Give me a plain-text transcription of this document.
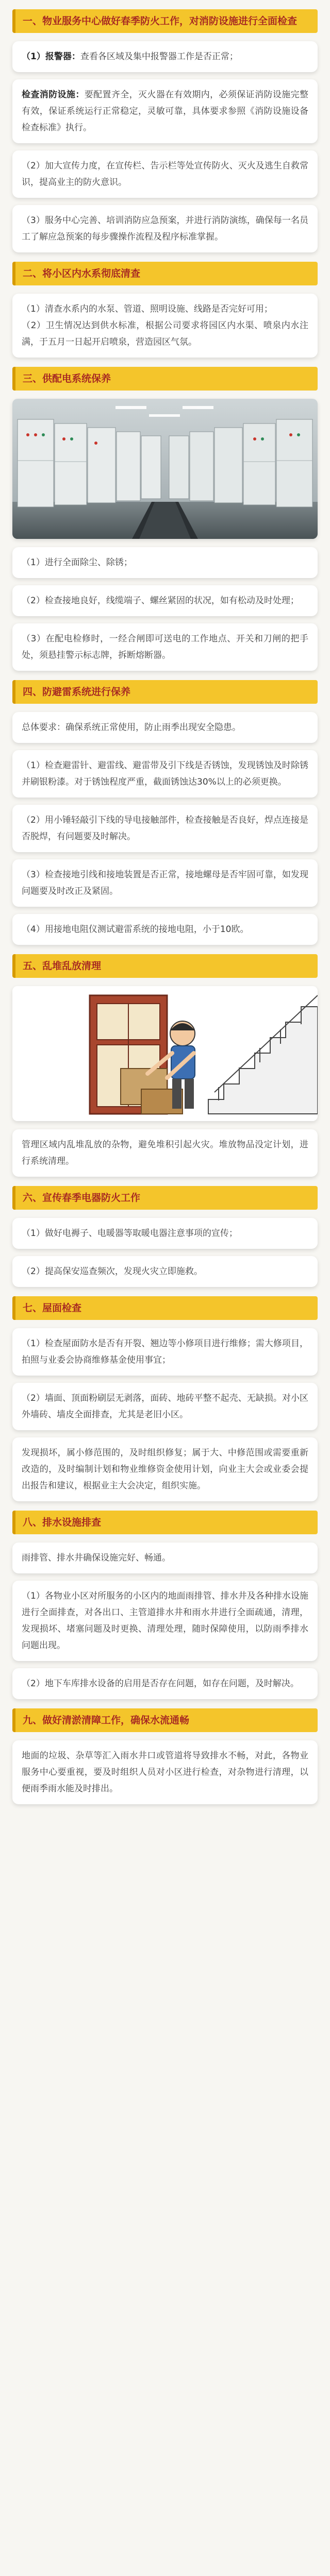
一、物业服务中心做好春季防火工作，对消防设施进行全面检查
（1）报警器：查看各区域及集中报警器工作是否正常；
检查消防设施：要配置齐全，灭火器在有效期内，必须保证消防设施完整有效，保证系统运行正常稳定，灵敏可靠，具体要求参照《消防设施设备检查标准》执行。
（2）加大宣传力度，在宣传栏、告示栏等处宣传防火、灭火及逃生自救常识，提高业主的防火意识。
（3）服务中心完善、培训消防应急预案，并进行消防演练，确保每一名员工了解应急预案的每步骤操作流程及程序标准掌握。
二、将小区内水系彻底清查
（1）清查水系内的水泵、管道、照明设施、线路是否完好可用；
（2）卫生情况达到供水标准，根据公司要求将园区内水渠、喷泉内水注满，于五月一日起开启喷泉，营造园区气氛。
三、供配电系统保养
（1）进行全面除尘、除锈；
（2）检查接地良好，线缆端子、螺丝紧固的状况，如有松动及时处理；
（3）在配电检修时，一经合闸即可送电的工作地点、开关和刀闸的把手处，须悬挂警示标志牌，拆断熔断器。
四、防避雷系统进行保养
总体要求：确保系统正常使用，防止雨季出现安全隐患。
（1）检查避雷针、避雷线、避雷带及引下线是否锈蚀，发现锈蚀及时除锈并刷银粉漆。对于锈蚀程度严重，截面锈蚀达30%以上的必须更换。
（2）用小锤轻敲引下线的导电接触部件，检查接触是否良好，焊点连接是否脱焊，有问题要及时解决。
（3）检查接地引线和接地装置是否正常，接地螺母是否牢固可靠，如发现问题要及时改正及紧固。
（4）用接地电阻仪测试避雷系统的接地电阻，小于10欧。
五、乱堆乱放清理
管理区域内乱堆乱放的杂物，避免堆积引起火灾。堆放物品没定计划，进行系统清理。
六、宣传春季电器防火工作
（1）做好电褥子、电暖器等取暖电器注意事项的宣传；
（2）提高保安巡查频次，发现火灾立即施救。
七、屋面检查
（1）检查屋面防水是否有开裂、翘边等小修项目进行维修；需大修项目，拍照与业委会协商维修基金使用事宜；
（2）墙面、顶面粉刷层无剥落，面砖、地砖平整不起壳、无缺损。对小区外墙砖、墙皮全面排查，尤其是老旧小区。
发现损坏，属小修范围的，及时组织修复；属于大、中修范围或需要重新改造的，及时编制计划和物业维修资金使用计划，向业主大会或业委会提出报告和建议，根据业主大会决定，组织实施。
八、排水设施排查
雨排管、排水井确保设施完好、畅通。
（1）各物业小区对所服务的小区内的地面雨排管、排水井及各种排水设施进行全面排查，对各出口、主管道排水井和雨水井进行全面疏通，清理，发现损坏、堵塞问题及时更换、清理处理，随时保障使用，以防雨季排水问题出现。
（2）地下车库排水设备的启用是否存在问题，如存在问题，及时解决。
九、做好清淤清障工作，确保水流通畅
地面的垃圾、杂草等汇入雨水井口或管道将导致排水不畅，对此，各物业服务中心要重视，要及时组织人员对小区进行检查，对杂物进行清理，以便雨季雨水能及时排出。
